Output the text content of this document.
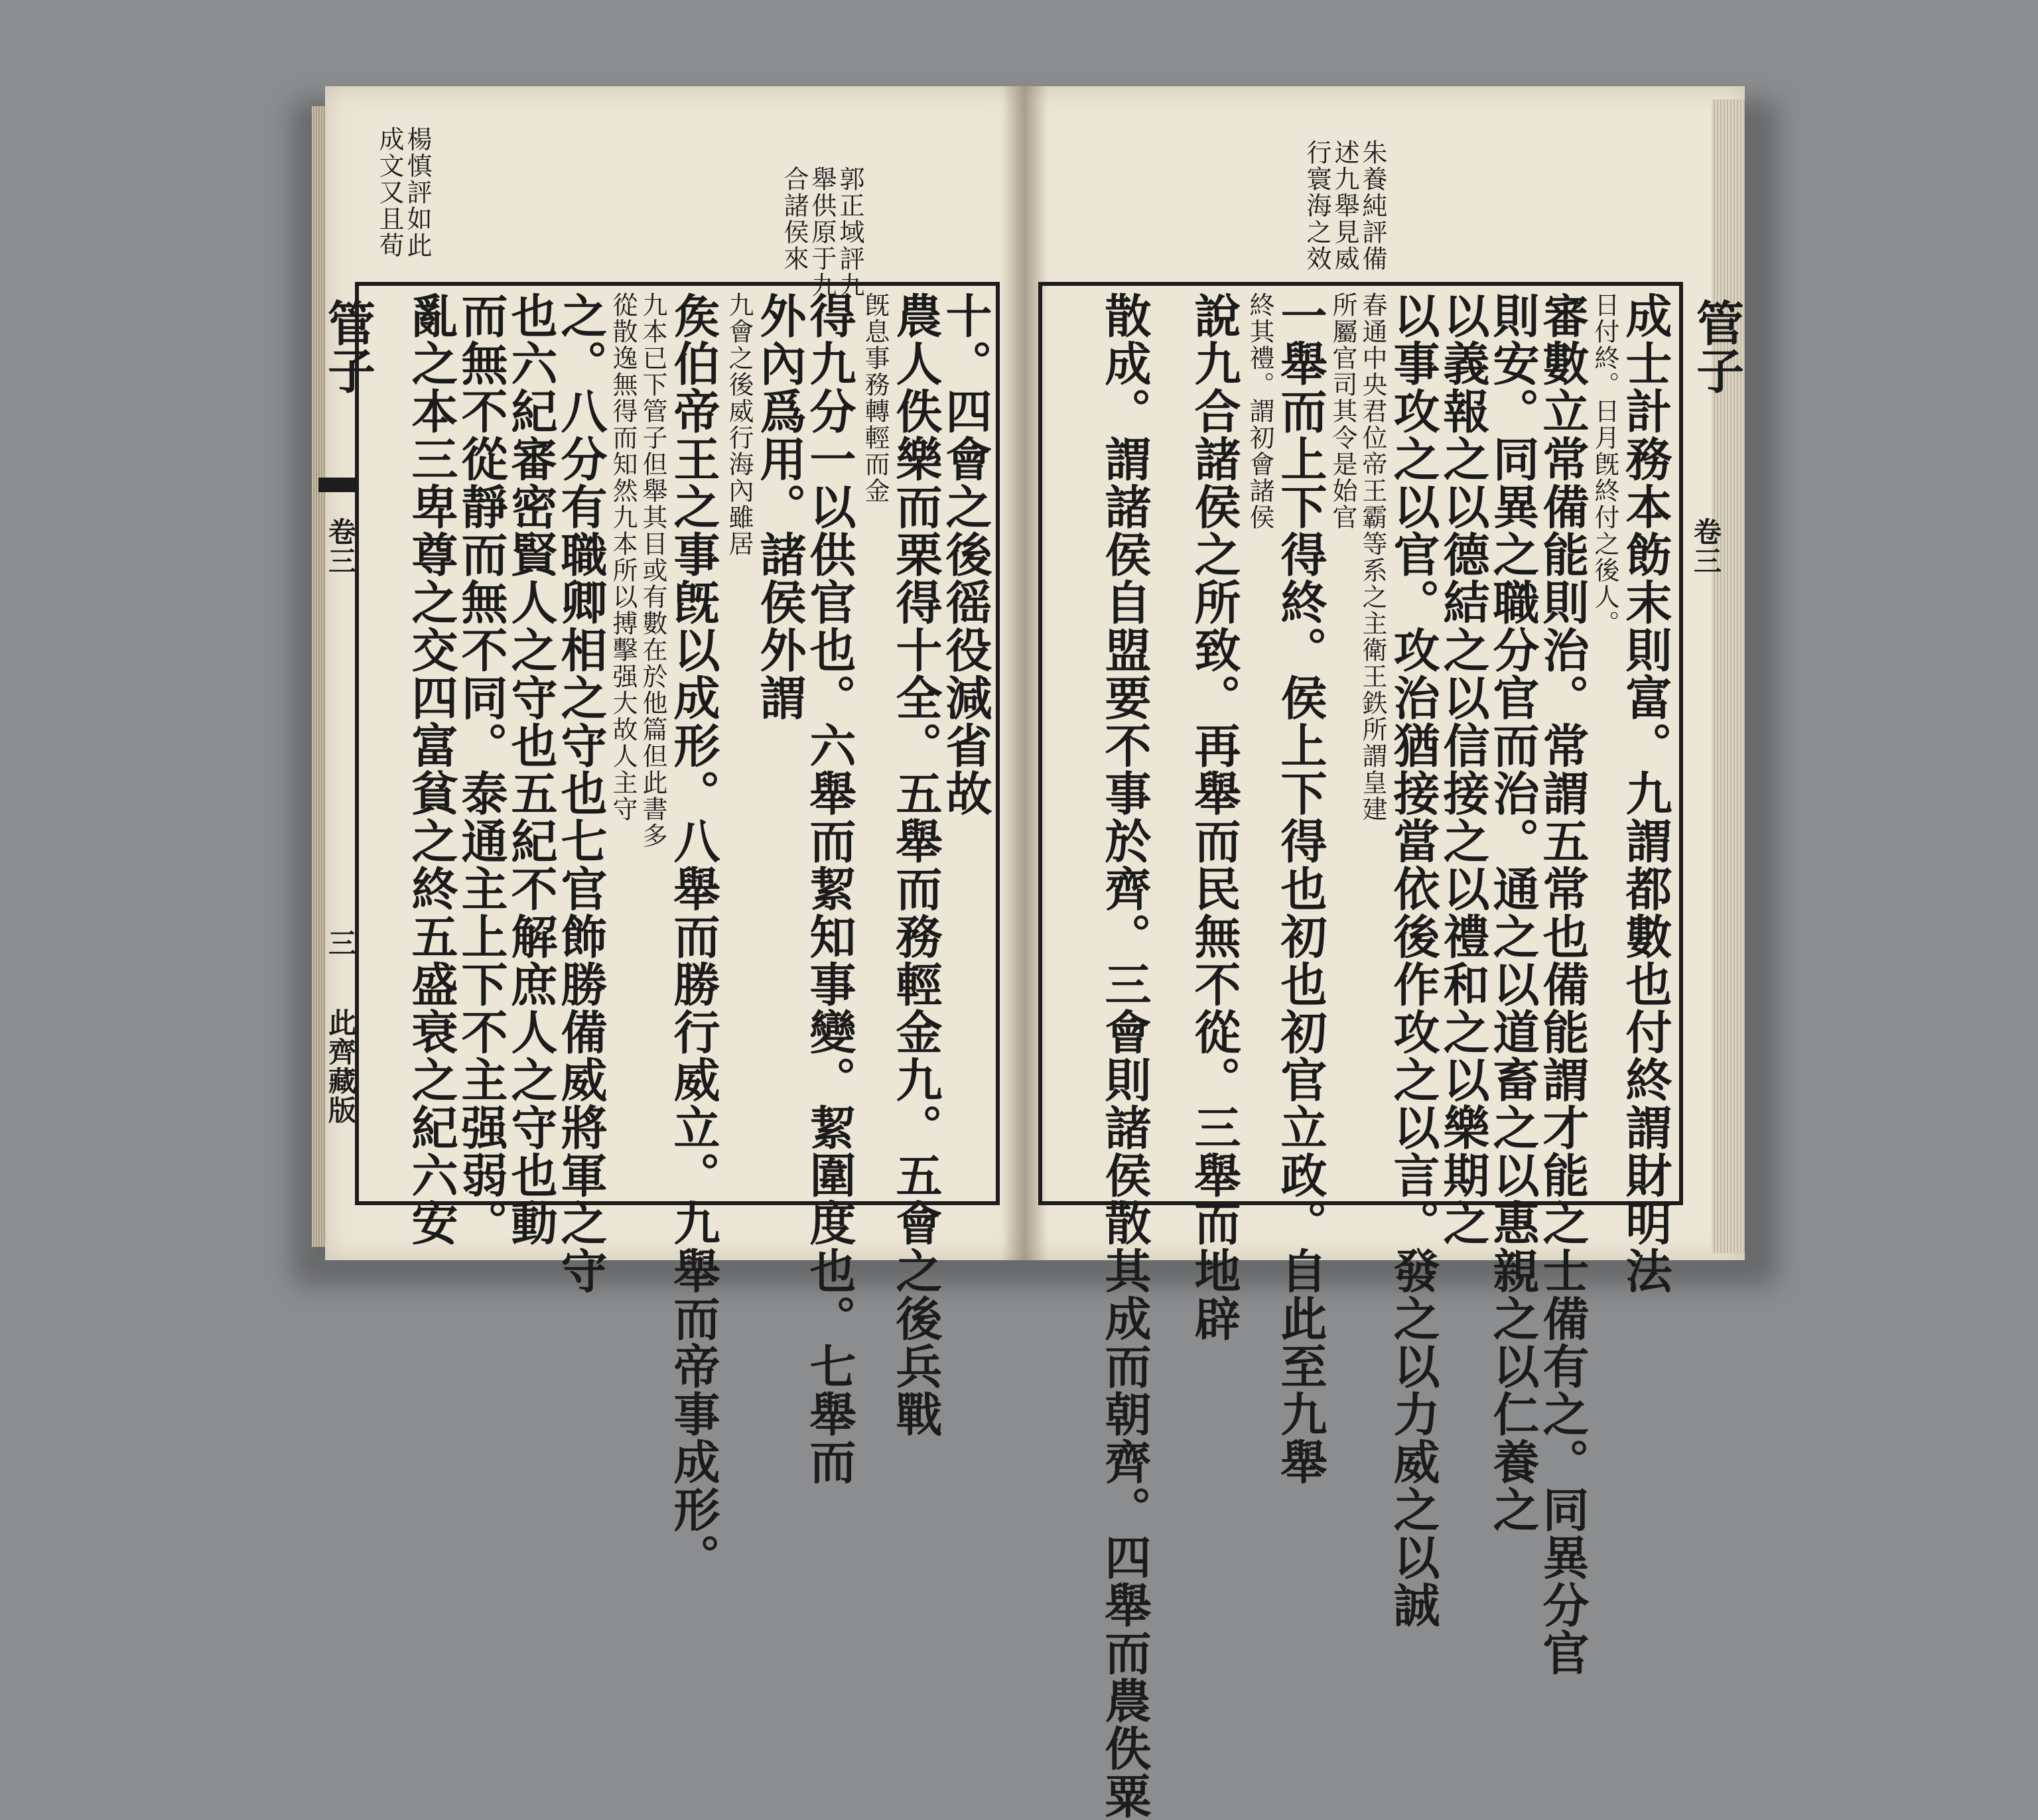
楊慎評如此
成文又且荀	郭正域評九
舉供原于九
合諸侯來	朱養純評備
述九舉見威
行寰海之效
管子
卷三
三
此齊藏版
管子
卷三
十。四會之後徭役減省故
農人佚樂而栗得十全。五舉而務輕金九。五會之後兵戰
旣息事務轉輕而金
得九分一以供官也。六舉而絜知事變。絜圍度也。七舉而
外內爲用。諸侯外謂
九會之後威行海內雖居
矦伯帝王之事旣以成形。八舉而勝行威立。九舉而帝事成形。
九本已下管子但舉其目或有數在於他篇但此書多
從散逸無得而知然九本所以搏擊强大故人主守
之。八分有職卿相之守也七官飾勝備威將軍之守
也六紀審密賢人之守也五紀不解庶人之守也動
而無不從靜而無不同。泰通主上下不主强弱。
亂之本三卑尊之交四富貧之終五盛衰之紀六安	成士計務本飭末則富。九謂都數也付終謂財明法
日付終。日月旣終付之後人。
審數立常備能則治。常謂五常也備能謂才能之士備有之。同異分官
則安。同異之職分官而治。通之以道畜之以惠親之以仁養之
以義報之以德結之以信接之以禮和之以樂期之
以事攻之以官。攻治猶接當依後作攻之以言。發之以力威之以誠
春通中央君位帝王霸等系之主衛王鉄所謂皇建
所屬官司其令是始官
一舉而上下得終。侯上下得也初也初官立政。自此至九舉
終其禮。謂初會諸侯
說九合諸侯之所致。再舉而民無不從。三舉而地辟
散成。謂諸侯自盟要不事於齊。三會則諸侯散其成而朝齊。四舉而農佚粟
